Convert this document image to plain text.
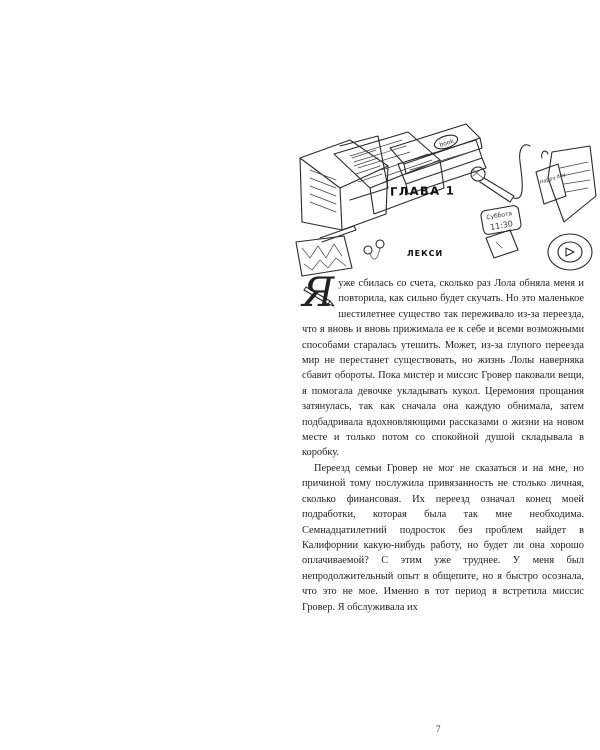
book
Happy day
Суббота
11:30
ГЛАВА 1
ЛЕКСИ

Я уже сбилась со счета, сколько раз Лола обняла меня и повторила, как сильно будет скучать. Но это маленькое шестилетнее существо так переживало из‑за переезда, что я вновь и вновь прижимала ее к себе и всеми возможными способами старалась утешить. Может, из‑за глупого переезда мир не перестанет существовать, но жизнь Лолы наверняка сбавит обороты. Пока мистер и миссис Гровер паковали вещи, я помогала девочке укладывать кукол. Церемония прощания затянулась, так как сначала она каждую обнимала, затем подбадривала вдохновляющими рассказами о жизни на новом месте и только потом со спокойной душой складывала в коробку.

Переезд семьи Гровер не мог не сказаться и на мне, но причиной тому послужила привязанность не столько личная, сколько финансовая. Их переезд означал конец моей подработки, которая была так мне необходима. Семнадцатилетний подросток без проблем найдет в Калифорнии какую‑нибудь работу, но будет ли она хорошо оплачиваемой? С этим уже труднее. У меня был непродолжительный опыт в общепите, но я быстро осознала, что это не мое. Именно в тот период я встретила миссис Гровер. Я обслуживала их

7
